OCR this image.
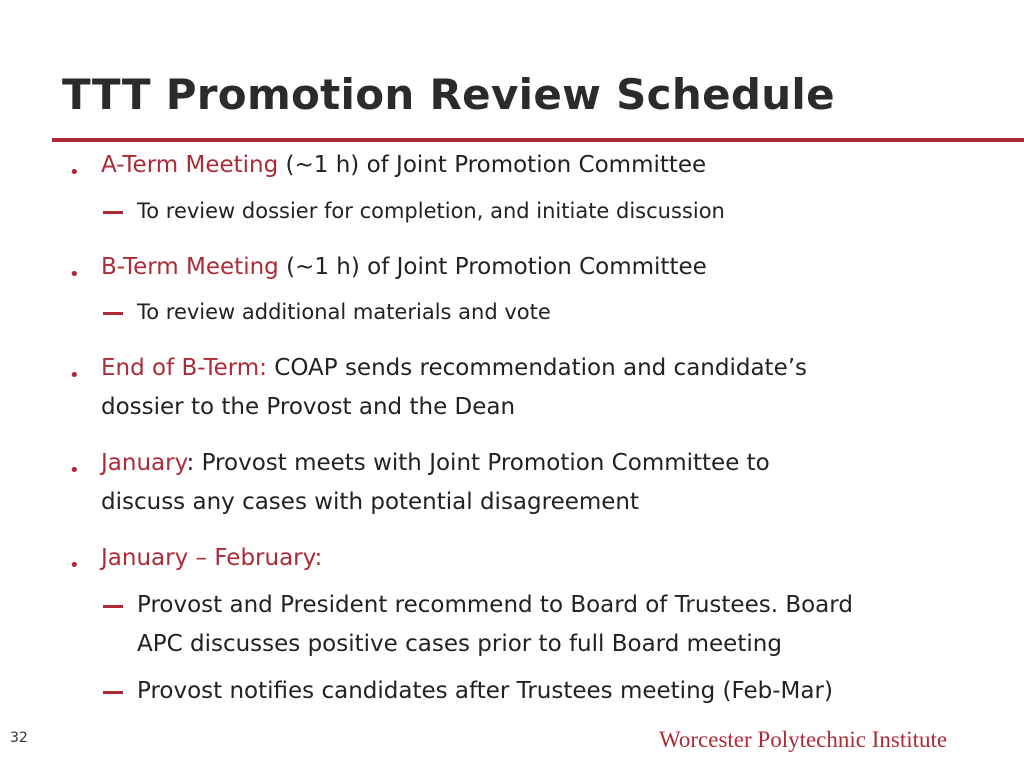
TTT Promotion Review Schedule
• A-Term Meeting (~1 h) of Joint Promotion Committee
To review dossier for completion, and initiate discussion
• B-Term Meeting (~1 h) of Joint Promotion Committee
To review additional materials and vote
• End of B-Term: COAP sends recommendation and candidate’s
dossier to the Provost and the Dean
• January: Provost meets with Joint Promotion Committee to
discuss any cases with potential disagreement
• January – February:
Provost and President recommend to Board of Trustees. Board
APC discusses positive cases prior to full Board meeting
Provost notifies candidates after Trustees meeting (Feb-Mar)
32	Worcester Polytechnic Institute
